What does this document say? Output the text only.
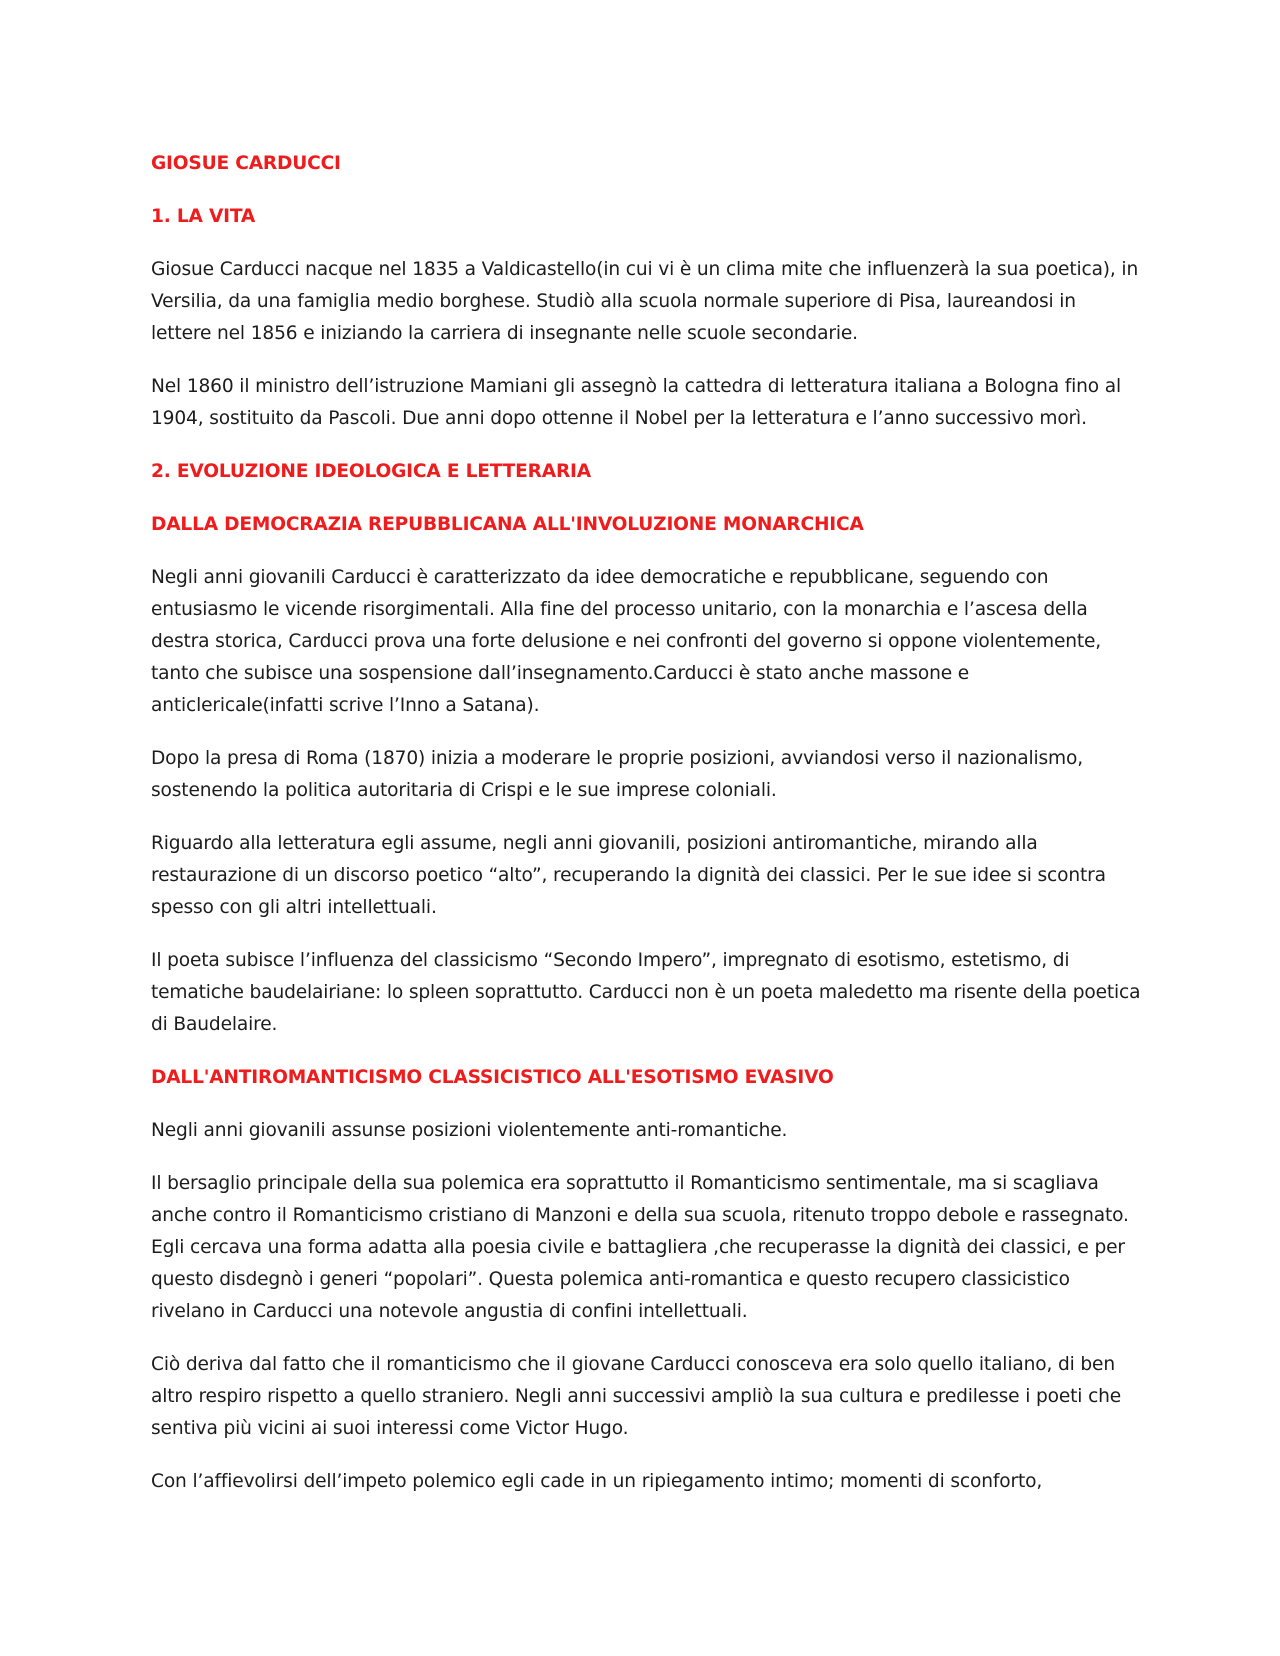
GIOSUE CARDUCCI
1. LA VITA
Giosue Carducci nacque nel 1835 a Valdicastello(in cui vi è un clima mite che influenzerà la sua poetica), in Versilia, da una famiglia medio borghese. Studiò alla scuola normale superiore di Pisa, laureandosi in lettere nel 1856 e iniziando la carriera di insegnante nelle scuole secondarie.
Nel 1860 il ministro dell’istruzione Mamiani gli assegnò la cattedra di letteratura italiana a Bologna fino al 1904, sostituito da Pascoli. Due anni dopo ottenne il Nobel per la letteratura e l’anno successivo morì.
2. EVOLUZIONE IDEOLOGICA E LETTERARIA
DALLA DEMOCRAZIA REPUBBLICANA ALL'INVOLUZIONE MONARCHICA
Negli anni giovanili Carducci è caratterizzato da idee democratiche e repubblicane, seguendo con entusiasmo le vicende risorgimentali. Alla fine del processo unitario, con la monarchia e l’ascesa della destra storica, Carducci prova una forte delusione e nei confronti del governo si oppone violentemente, tanto che subisce una sospensione dall’insegnamento.Carducci è stato anche massone e anticlericale(infatti scrive l’Inno a Satana).
Dopo la presa di Roma (1870) inizia a moderare le proprie posizioni, avviandosi verso il nazionalismo, sostenendo la politica autoritaria di Crispi e le sue imprese coloniali.
Riguardo alla letteratura egli assume, negli anni giovanili, posizioni antiromantiche, mirando alla restaurazione di un discorso poetico “alto”, recuperando la dignità dei classici. Per le sue idee si scontra spesso con gli altri intellettuali.
Il poeta subisce l’influenza del classicismo “Secondo Impero”, impregnato di esotismo, estetismo, di tematiche baudelairiane: lo spleen soprattutto. Carducci non è un poeta maledetto ma risente della poetica di Baudelaire.
DALL'ANTIROMANTICISMO CLASSICISTICO ALL'ESOTISMO EVASIVO
Negli anni giovanili assunse posizioni violentemente anti-romantiche.
Il bersaglio principale della sua polemica era soprattutto il Romanticismo sentimentale, ma si scagliava anche contro il Romanticismo cristiano di Manzoni e della sua scuola, ritenuto troppo debole e rassegnato. Egli cercava una forma adatta alla poesia civile e battagliera ,che recuperasse la dignità dei classici, e per questo disdegnò i generi “popolari”. Questa polemica anti-romantica e questo recupero classicistico rivelano in Carducci una notevole angustia di confini intellettuali.
Ciò deriva dal fatto che il romanticismo che il giovane Carducci conosceva era solo quello italiano, di ben altro respiro rispetto a quello straniero. Negli anni successivi ampliò la sua cultura e predilesse i poeti che sentiva più vicini ai suoi interessi come Victor Hugo.
Con l’affievolirsi dell’impeto polemico egli cade in un ripiegamento intimo; momenti di sconforto,
